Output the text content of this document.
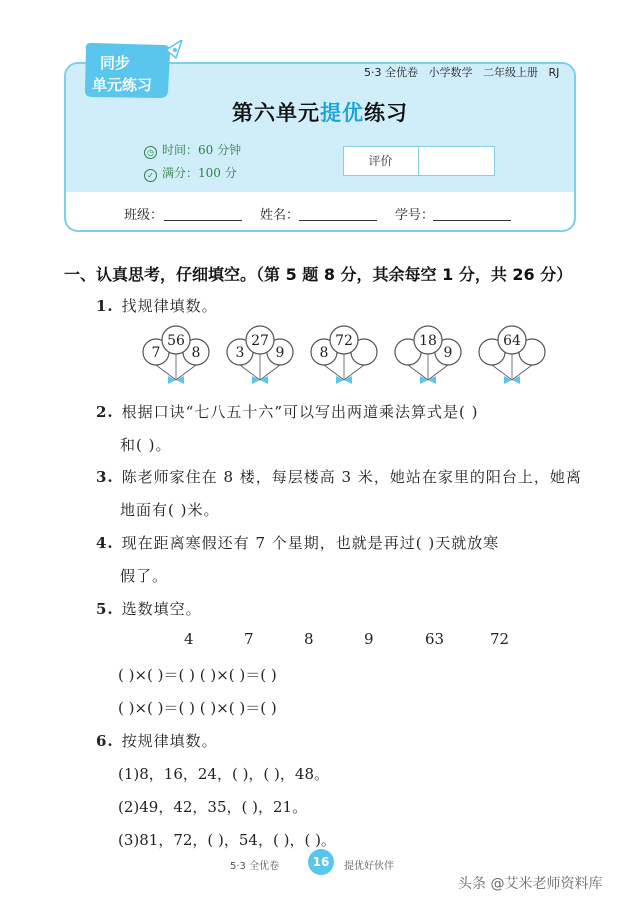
同步
单元练习
5·3 全优卷   小学数学   二年级上册   RJ
第六单元提优练习
◷ 时间：60 分钟
✓ 满分：100 分
评价
班级：	姓名：	学号：
一、认真思考，仔细填空。（第 5 题 8 分，其余每空 1 分，共 26 分）
1. 找规律填数。
7 8
56
3 9
27
8
72
9
18	64
2. 根据口诀“七八五十六”可以写出两道乘法算式是( )
和( )。
3. 陈老师家住在 8 楼，每层楼高 3 米，她站在家里的阳台上，她离
地面有( )米。
4. 现在距离寒假还有 7 个星期，也就是再过( )天就放寒
假了。
5. 选数填空。
4	7	8	9	63	72
( )×( )＝( ) ( )×( )＝( )
( )×( )＝( ) ( )×( )＝( )
6. 按规律填数。
(1)8，16，24，( )，( )，48。
(2)49，42，35，( )，21。
(3)81，72，( )，54，( )，( )。
5·3 全优卷	16	提优好伙伴
头条 @艾米老师资料库
